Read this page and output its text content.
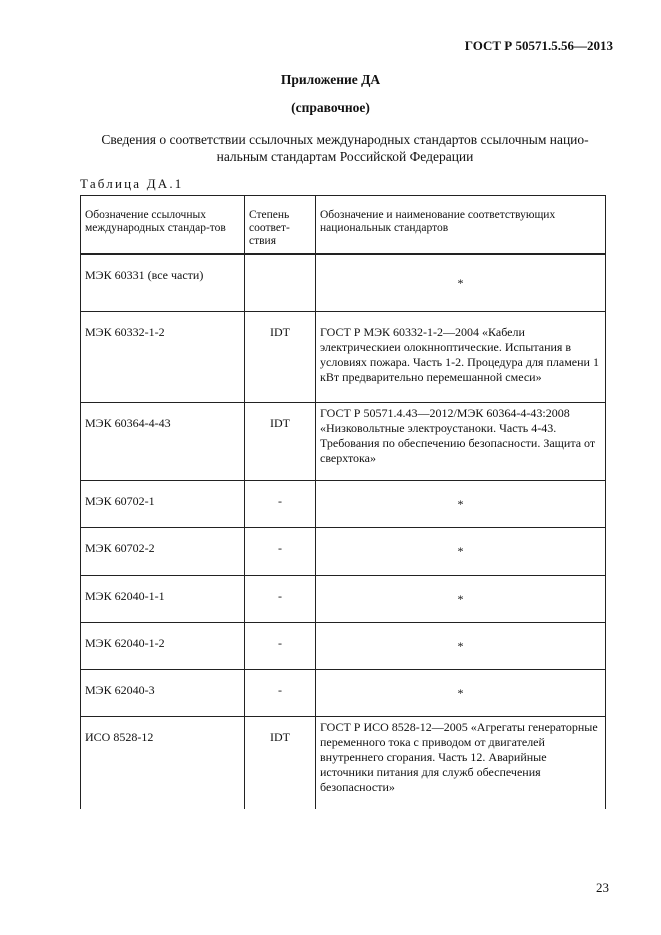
ГОСТ Р 50571.5.56—2013
Приложение ДА
(справочное)
Сведения о соответствии ссылочных международных стандартов ссылочным нацио-
нальным стандартам Российской Федерации
Таблица ДА.1
Обозначение ссылочных международных стандар-тов	Степень соответ-ствия	Обозначение и наименование соответствующих национальнык стандартов
МЭК 60331 (все части)		*
МЭК 60332-1-2	IDT	ГОСТ Р МЭК 60332-1-2—2004 «Кабели электрическиеи олокнноптические. Испытания в условиях пожара. Часть 1-2. Процедура для пламени 1 кВт предварительно перемешанной смеси»
МЭК 60364-4-43	IDT	ГОСТ Р 50571.4.43—2012/МЭК 60364-4-43:2008 «Низковольтные электроустанoки. Часть 4-43. Требования по обеспечению безопасности. Защита от сверхтока»
МЭК 60702-1	-	*
МЭК 60702-2	-	*
МЭК 62040-1-1	-	*
МЭК 62040-1-2	-	*
МЭК 62040-3	-	*
ИСО 8528-12	IDT	ГОСТ Р ИСО 8528-12—2005 «Агрегаты генераторные переменного тока с приводом от двигателей внутреннего сгорания. Часть 12. Аварийные источники питания для служб обеспечения безопасности»
23
